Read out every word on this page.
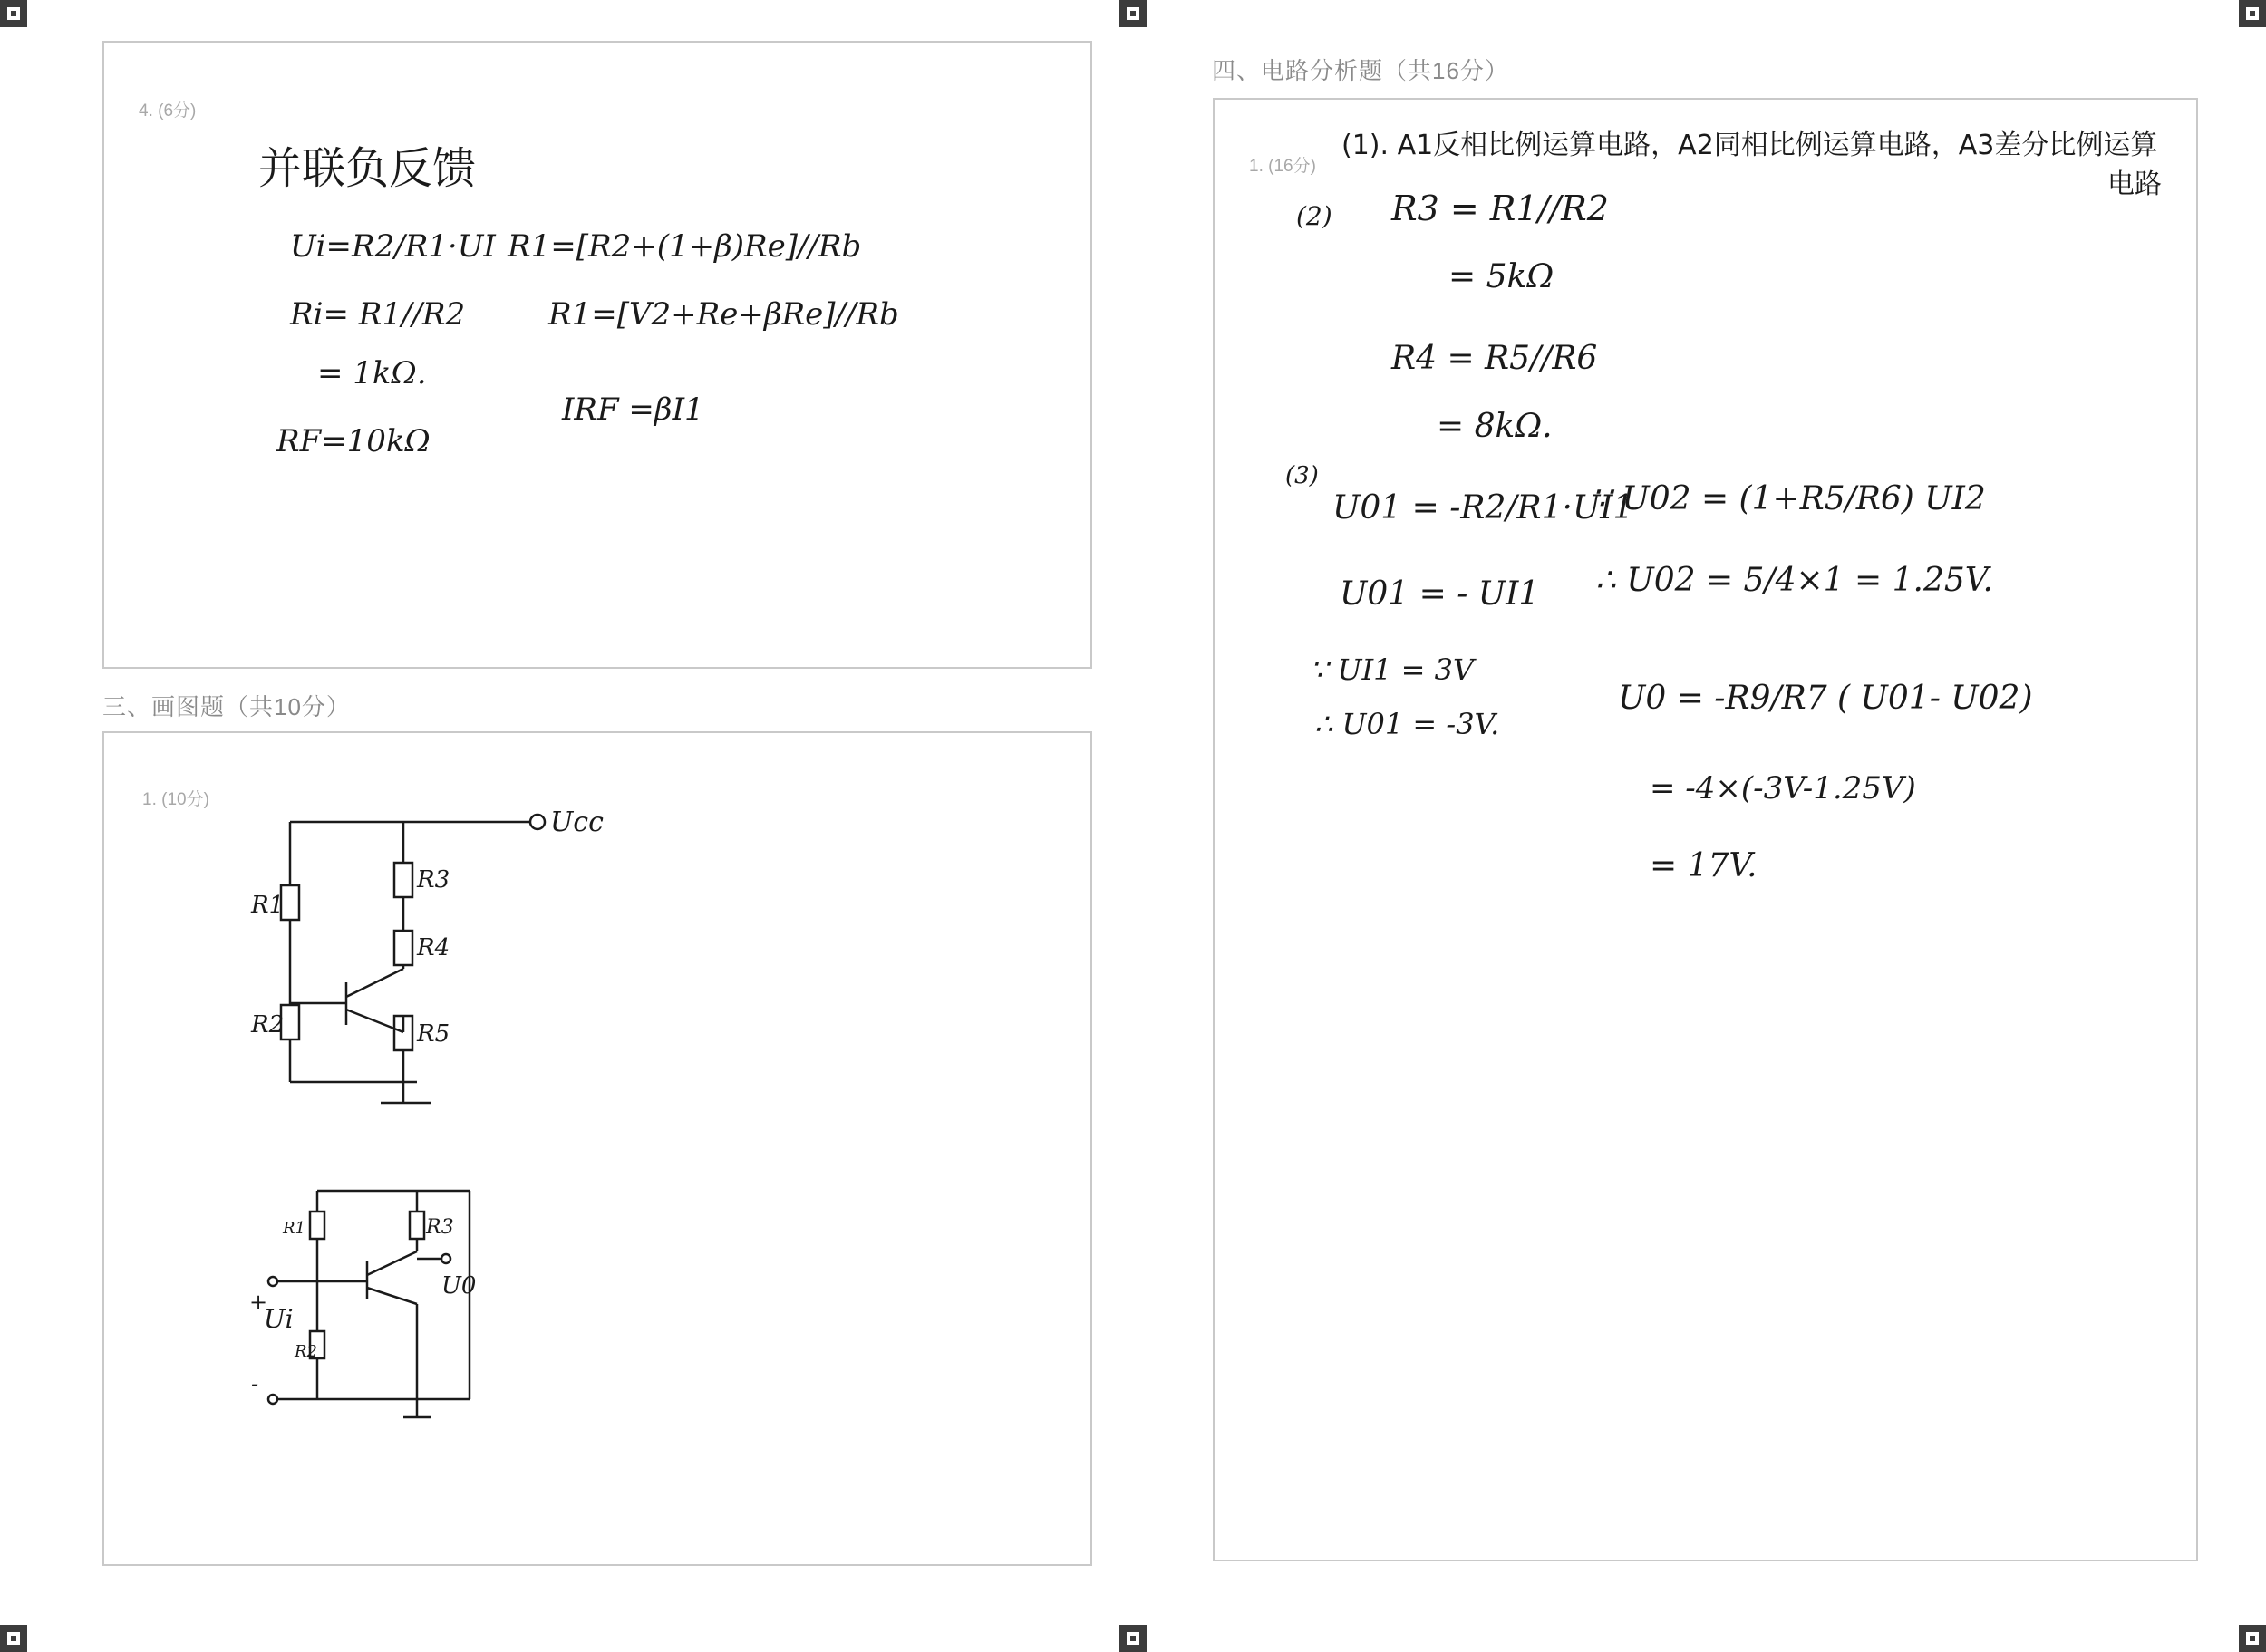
4. (6分)
并联负反馈
Ui=R2/R1·UI
Ri= R1//R2
= 1kΩ.
RF=10kΩ
R1=[R2+(1+β)Re]//Rb
R1=[V2+Re+βRe]//Rb
IRF =βI1
三、画图题（共10分）
1. (10分)
Ucc
R1
R2
R3
R4
R5
R1
R2
R3
U0
+
Ui
-
四、电路分析题（共16分）
1. (16分)
(1). A1反相比例运算电路，A2同相比例运算电路，A3差分比例运算
电路
(2) R3 = R1//R2
= 5kΩ
R4 = R5//R6
= 8kΩ.
(3)
U01 = -R2/R1·UI1
U01 = - UI1
∵ UI1 = 3V
∴ U01 = -3V.
∵ U02 = (1+R5/R6) UI2
∴ U02 = 5/4×1 = 1.25V.
U0 = -R9/R7 ( U01- U02)
= -4×(-3V-1.25V)
= 17V.
